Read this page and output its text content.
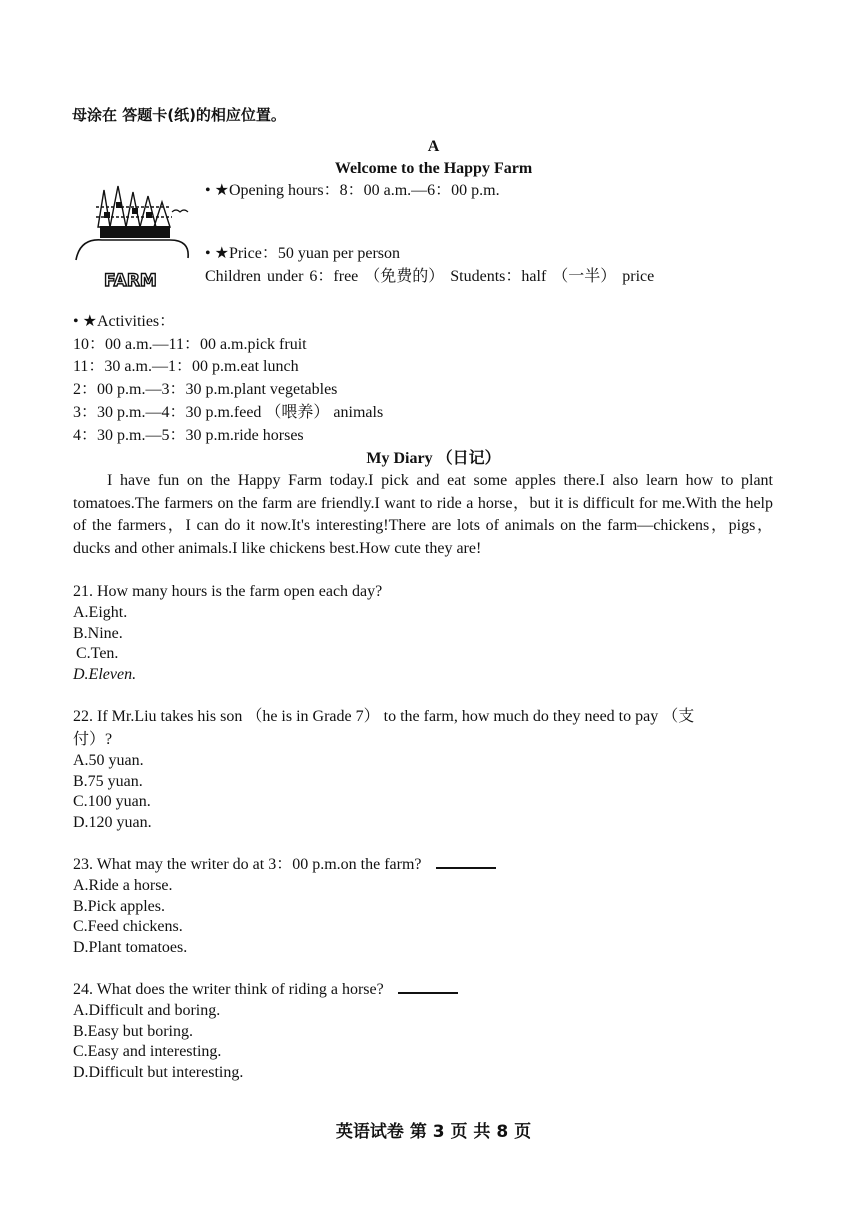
母涂在 答题卡(纸)的相应位置。
A
Welcome to the Happy Farm
FARM
• ★Opening hours：8：00 a.m.—6：00 p.m.
• ★Price：50 yuan per person
Children under 6：free （免费的） Students：half （一半） price
• ★Activities：
10：00 a.m.—11：00 a.m.pick fruit
11：30 a.m.—1：00 p.m.eat lunch
2：00 p.m.—3：30 p.m.plant vegetables
3：30 p.m.—4：30 p.m.feed （喂养） animals
4：30 p.m.—5：30 p.m.ride horses
My Diary （日记）
I have fun on the Happy Farm today.I pick and eat some apples there.I also learn how to plant tomatoes.The farmers on the farm are friendly.I want to ride a horse，but it is difficult for me.With the help of the farmers，I can do it now.It's interesting!There are lots of animals on the farm—chickens，pigs，ducks and other animals.I like chickens best.How cute they are!
21. How many hours is the farm open each day?
A.Eight.
B.Nine.
C.Ten.
D.Eleven.
22. If Mr.Liu takes his son （he is in Grade 7） to the farm, how much do they need to pay （支
付）?
A.50 yuan.
B.75 yuan.
C.100 yuan.
D.120 yuan.
23. What may the writer do at 3：00 p.m.on the farm?
A.Ride a horse.
B.Pick apples.
C.Feed chickens.
D.Plant tomatoes.
24. What does the writer think of riding a horse?
A.Difficult and boring.
B.Easy but boring.
C.Easy and interesting.
D.Difficult but interesting.
英语试卷 第 3 页 共 8 页
